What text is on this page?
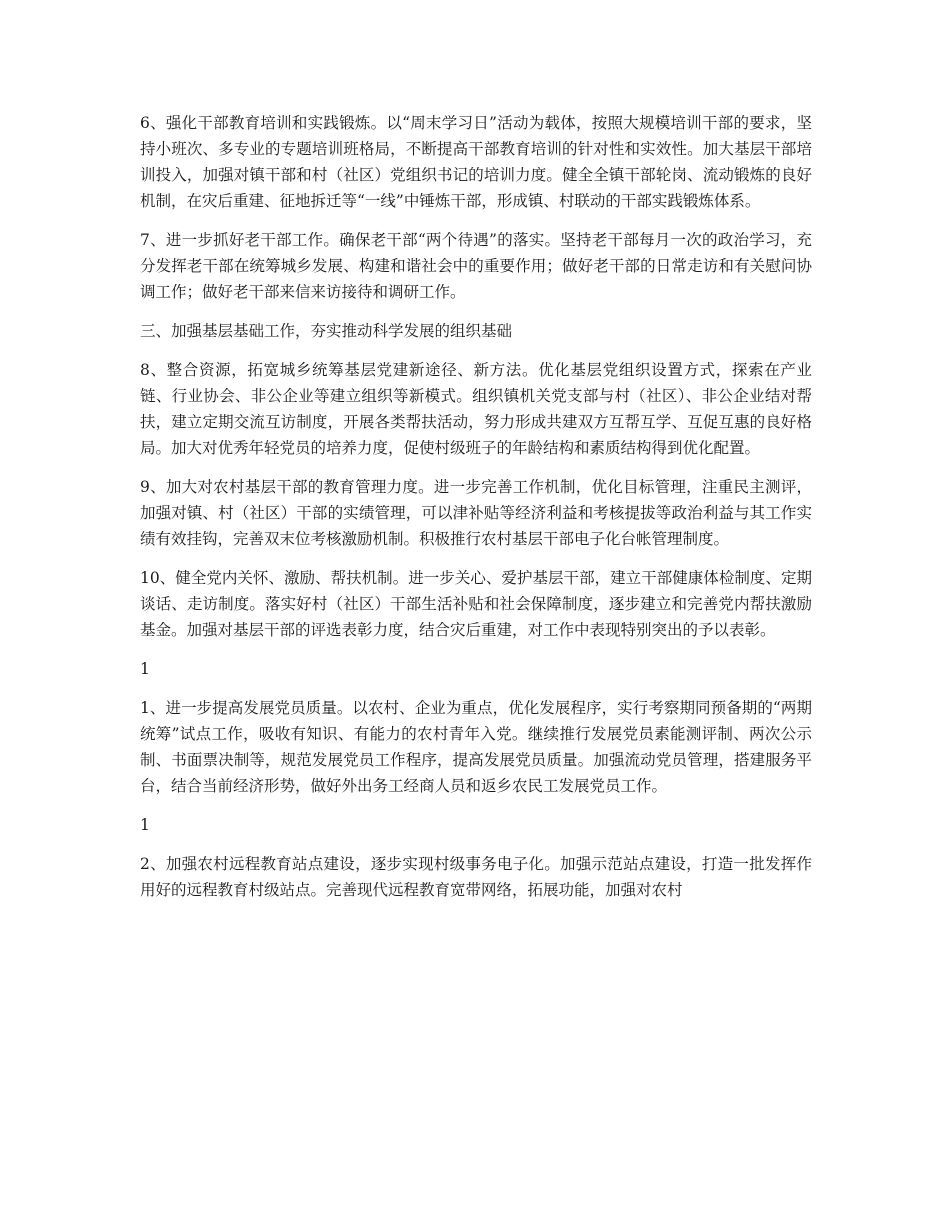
6、强化干部教育培训和实践锻炼。以“周末学习日”活动为载体，按照大规模培训干部的要求，坚持小班次、多专业的专题培训班格局，不断提高干部教育培训的针对性和实效性。加大基层干部培训投入，加强对镇干部和村（社区）党组织书记的培训力度。健全全镇干部轮岗、流动锻炼的良好机制，在灾后重建、征地拆迁等“一线”中锤炼干部，形成镇、村联动的干部实践锻炼体系。

7、进一步抓好老干部工作。确保老干部“两个待遇”的落实。坚持老干部每月一次的政治学习，充分发挥老干部在统筹城乡发展、构建和谐社会中的重要作用；做好老干部的日常走访和有关慰问协调工作；做好老干部来信来访接待和调研工作。

三、加强基层基础工作，夯实推动科学发展的组织基础

8、整合资源，拓宽城乡统筹基层党建新途径、新方法。优化基层党组织设置方式，探索在产业链、行业协会、非公企业等建立组织等新模式。组织镇机关党支部与村（社区）、非公企业结对帮扶，建立定期交流互访制度，开展各类帮扶活动，努力形成共建双方互帮互学、互促互惠的良好格局。加大对优秀年轻党员的培养力度，促使村级班子的年龄结构和素质结构得到优化配置。

9、加大对农村基层干部的教育管理力度。进一步完善工作机制，优化目标管理，注重民主测评，加强对镇、村（社区）干部的实绩管理，可以津补贴等经济利益和考核提拔等政治利益与其工作实绩有效挂钩，完善双末位考核激励机制。积极推行农村基层干部电子化台帐管理制度。

10、健全党内关怀、激励、帮扶机制。进一步关心、爱护基层干部，建立干部健康体检制度、定期谈话、走访制度。落实好村（社区）干部生活补贴和社会保障制度，逐步建立和完善党内帮扶激励基金。加强对基层干部的评选表彰力度，结合灾后重建，对工作中表现特别突出的予以表彰。

1

1、进一步提高发展党员质量。以农村、企业为重点，优化发展程序，实行考察期同预备期的“两期统筹”试点工作，吸收有知识、有能力的农村青年入党。继续推行发展党员素能测评制、两次公示制、书面票决制等，规范发展党员工作程序，提高发展党员质量。加强流动党员管理，搭建服务平台，结合当前经济形势，做好外出务工经商人员和返乡农民工发展党员工作。

1

2、加强农村远程教育站点建设，逐步实现村级事务电子化。加强示范站点建设，打造一批发挥作用好的远程教育村级站点。完善现代远程教育宽带网络，拓展功能，加强对农村
